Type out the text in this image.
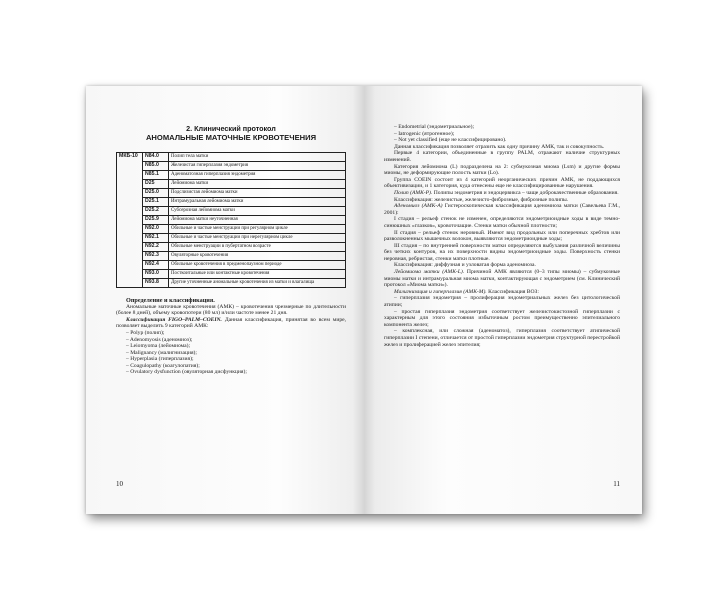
2. Клинический протокол
АНОМАЛЬНЫЕ МАТОЧНЫЕ КРОВОТЕЧЕНИЯ
МКБ-10	N84.0	Полип тела матки
	N85.0	Железистая гиперплазия эндометрия
	N85.1	Аденоматозная гиперплазия эндометрия
	D25	Лейомиома матки
	D25.0	Подслизистая лейомиома матки
	D25.1	Интрамуральная лейомиома матки
	D25.2	Субсерозная лейомиома матки
	D25.9	Лейомиома матки неуточненная
	N92.0	Обильные и частые менструации при регулярном цикле
	N92.1	Обильные и частые менструации при нерегулярном цикле
	N92.2	Обильные менструации в пубертатном возрасте
	N92.3	Овуляторные кровотечения
	N92.4	Обильные кровотечения в предменопаузном периоде
	N93.0	Посткоитальные или контактные кровотечения
	N93.8	Другие уточненные аномальные кровотечения из матки и влагалища
Определение и классификация.

Аномальные маточные кровотечения (АМК) – кровотечения чрезмерные по длительности (более 8 дней), объему кровопотери (80 мл) и/или частоте менее 21 дня.

Классификация FIGO–PALM–COEIN. Данная классификация, принятая во всем мире, позволяет выделить 9 категорий АМК:

– Polyp (полип);
– Adenomyosis (аденомиоз);
– Leiomyoma (лейомиома);
– Malignancy (малигнизация);
– Hyperplasia (гиперплазия);
– Coagulopathy (коагулопатия);
– Ovulatory dysfunction (овуляторная дисфункция);
10
– Endometrial (эндометриальное);
– Iatrogenic (ятрогенное);
– Not yet classified (еще не классифицировано).

Данная классификация позволяет отразить как одну причину АМК, так и совокупность.

Первые 4 категории, объединенные в группу PALM, отражают наличие структурных изменений.

Категория лейомиома (L) подразделена на 2: субмукозная миома (Lsm) и другие формы миомы, не деформирующие полость матки (Lo).

Группа COEIN состоит из 4 категорий неорганических причин АМК, не поддающихся объективизации, и 1 категория, куда отнесены еще не классифицированные нарушения.

Полип (АМК-Р). Полипы эндометрия и эндоцервикса – чаще доброкачественные образования.

Классификация: железистые, железисто-фиброзные, фиброзные полипы.

Аденомиоз (АМК-А) Гистероскопическая классификация аденомиоза матки (Савельева Г.М., 2001):

I стадия – рельеф стенок не изменен, определяются эндометриоидные ходы в виде темно-синюшных «глазков», кровоточащие. Стенки матки обычной плотности;

II стадия – рельеф стенок неровный. Имеют вид продольных или поперечных хребтов или разволокненных мышечных волокон, выявляются эндометриоидные ходы;

III стадия – по внутренней поверхности матки определяются выбухания различной величины без четких контуров, на их поверхности видны эндометриоидные ходы. Поверхность стенки неровная, ребристая, стенки матки плотные.

Классификация: диффузная и узловатая форма аденомиоза.

Лейомиома матки (АМК-L). Причиной АМК являются (0–3 типы миомы) – субмукозные миомы матки и интрамуральная миома матки, контактирующая с эндометрием (см. Клинический протокол «Миома матки»).

Малигнизация и гиперплазия (АМК-М). Классификация ВОЗ:

– гиперплазия эндометрия – пролиферация эндометриальных желез без цитологической атипии;

– простая гиперплазия эндометрия соответствует железистокистозной гиперплазии с характерным для этого состояния избыточным ростом преимущественно эпителиального компонента желез;

– комплексная, или сложная (аденоматоз), гиперплазия соответствует атипической гиперплазии I степени, отличается от простой гиперплазии эндометрия структурной перестройкой желез и пролиферацией желез эпителия;

11
